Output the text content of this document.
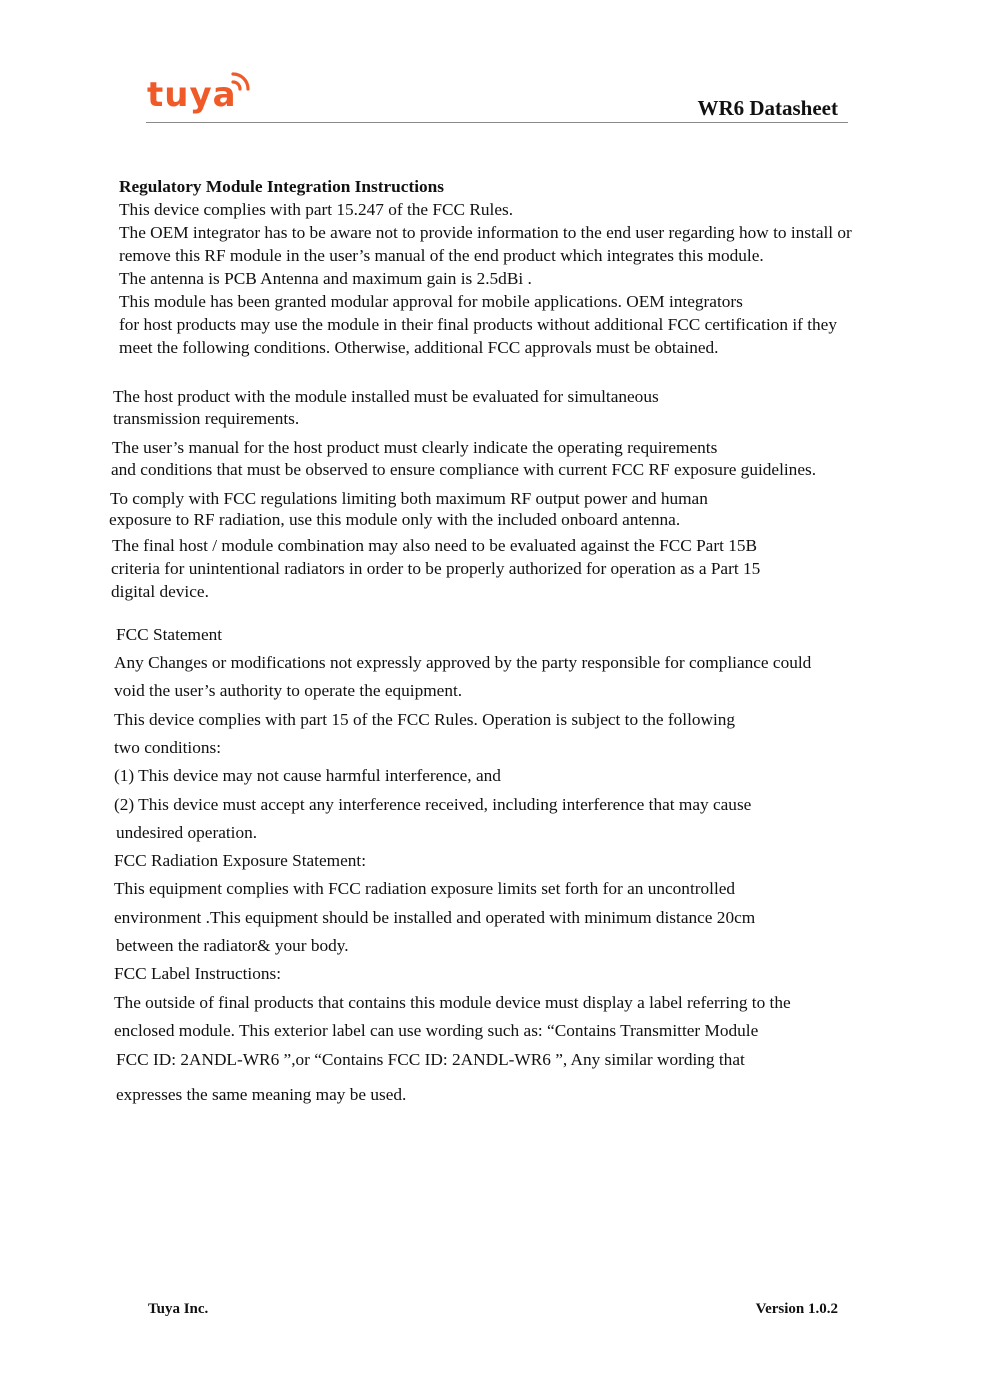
tuya	WR6 Datasheet
Regulatory Module Integration Instructions
This device complies with part 15.247 of the FCC Rules.
The OEM integrator has to be aware not to provide information to the end user regarding how to install or
remove this RF module in the user’s manual of the end product which integrates this module.
The antenna is PCB Antenna and maximum gain is 2.5dBi .
This module has been granted modular approval for mobile applications. OEM integrators
for host products may use the module in their final products without additional FCC certification if they
meet the following conditions. Otherwise, additional FCC approvals must be obtained.
The host product with the module installed must be evaluated for simultaneous
transmission requirements.
The user’s manual for the host product must clearly indicate the operating requirements
and conditions that must be observed to ensure compliance with current FCC RF exposure guidelines.
To comply with FCC regulations limiting both maximum RF output power and human
exposure to RF radiation, use this module only with the included onboard antenna.
The final host / module combination may also need to be evaluated against the FCC Part 15B
criteria for unintentional radiators in order to be properly authorized for operation as a Part 15
digital device.
FCC Statement
Any Changes or modifications not expressly approved by the party responsible for compliance could
void the user’s authority to operate the equipment.
This device complies with part 15 of the FCC Rules. Operation is subject to the following
two conditions:
(1) This device may not cause harmful interference, and
(2) This device must accept any interference received, including interference that may cause
undesired operation.
FCC Radiation Exposure Statement:
This equipment complies with FCC radiation exposure limits set forth for an uncontrolled
environment .This equipment should be installed and operated with minimum distance 20cm
between the radiator& your body.
FCC Label Instructions:
The outside of final products that contains this module device must display a label referring to the
enclosed module. This exterior label can use wording such as: “Contains Transmitter Module
FCC ID: 2ANDL-WR6 ”,or “Contains FCC ID: 2ANDL-WR6 ”, Any similar wording that
expresses the same meaning may be used.
Tuya Inc.	Version 1.0.2
